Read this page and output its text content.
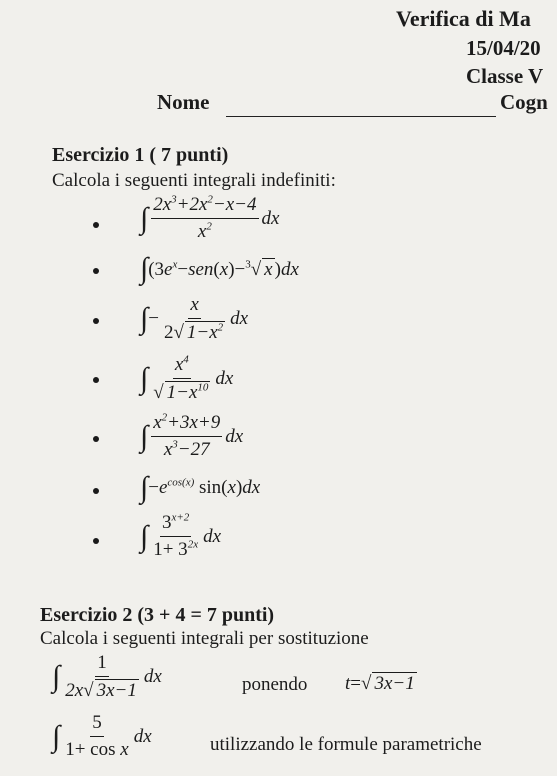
Verifica di Ma
15/04/20
Classe V
Nome	Cogn
Esercizio 1 ( 7 punti)
Calcola i seguenti integrali indefiniti:
∫ $\frac{2x^3+2x^2-x-4}{x^2}$ dx
∫ ($3e^x-sen(x)-^3√$ x )dx
∫ − $\frac{x}{2√ 1-x^2}$ dx
∫ $\frac{x^4}{√ 1-x^{10}}$ dx
∫ $\frac{x^2+3x+9}{x^3-27}$ dx
∫ $-e^{cos(x)}$ sin(x)dx
∫ $\frac{3^{x+2}}{1+ 3^{2x}}$ dx
Esercizio 2 (3 + 4 = 7 punti)
Calcola i seguenti integrali per sostituzione
∫ $\frac{1}{2x√ 3x-1}$ dx	ponendo t =√ 3x−1
∫ $\frac{5}{\text{1+ cos x}}$ dx	utilizzando le formule parametriche
